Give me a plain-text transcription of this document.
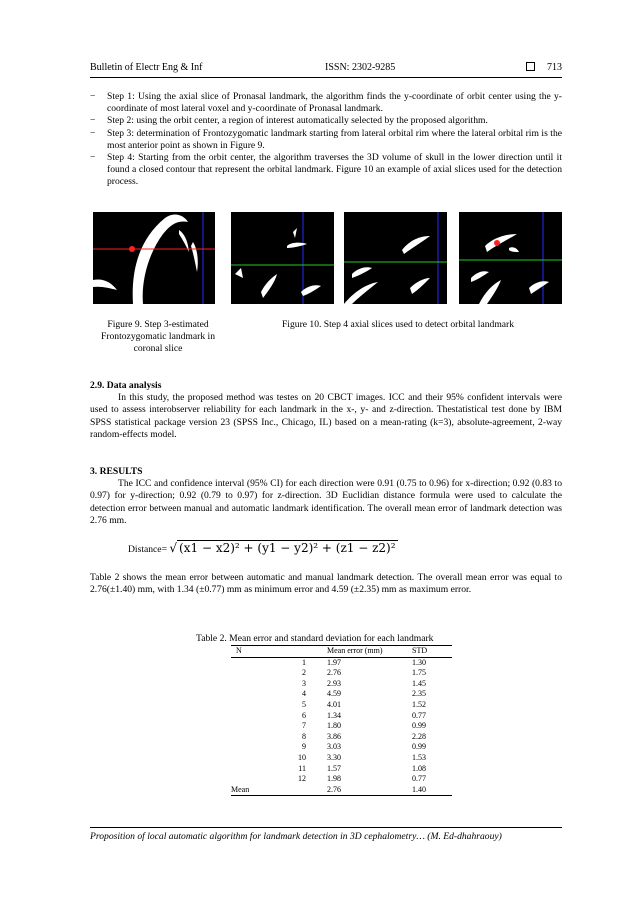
Bulletin of Electr Eng & Inf	ISSN: 2302-9285	713
− Step 1: Using the axial slice of Pronasal landmark, the algorithm finds the y-coordinate of orbit center using the y-coordinate of most lateral voxel and y-coordinate of Pronasal landmark.
− Step 2: using the orbit center, a region of interest automatically selected by the proposed algorithm.
− Step 3: determination of Frontozygomatic landmark starting from lateral orbital rim where the lateral orbital rim is the most anterior point as shown in Figure 9.
− Step 4: Starting from the orbit center, the algorithm traverses the 3D volume of skull in the lower direction until it found a closed contour that represent the orbital landmark. Figure 10 an example of axial slices used for the detection process.
Figure 9. Step 3-estimated Frontozygomatic landmark in coronal slice
Figure 10. Step 4 axial slices used to detect orbital landmark
2.9. Data analysis
In this study, the proposed method was testes on 20 CBCT images. ICC and their 95% confident intervals were used to assess interobserver reliability for each landmark in the x-, y- and z-direction. Thestatistical test done by IBM SPSS statistical package version 23 (SPSS Inc., Chicago, IL) based on a mean-rating (k=3), absolute-agreement, 2-way random-effects model.
3. RESULTS
The ICC and confidence interval (95% CI) for each direction were 0.91 (0.75 to 0.96) for x-direction; 0.92 (0.83 to 0.97) for y-direction; 0.92 (0.79 to 0.97) for z-direction. 3D Euclidian distance formula were used to calculate the detection error between manual and automatic landmark identification. The overall mean error of landmark detection was 2.76 mm.
Distance= √ (x1 − x2)² + (y1 − y2)² + (z1 − z2)²
Table 2 shows the mean error between automatic and manual landmark detection. The overall mean error was equal to 2.76(±1.40) mm, with 1.34 (±0.77) mm as minimum error and 4.59 (±2.35) mm as maximum error.
Table 2. Mean error and standard deviation for each landmark
N		Mean error (mm)	STD
	1	1.97	1.30
	2	2.76	1.75
	3	2.93	1.45
	4	4.59	2.35
	5	4.01	1.52
	6	1.34	0.77
	7	1.80	0.99
	8	3.86	2.28
	9	3.03	0.99
	10	3.30	1.53
	11	1.57	1.08
	12	1.98	0.77
Mean		2.76	1.40
Proposition of local automatic algorithm for landmark detection in 3D cephalometry… (M. Ed-dhahraouy)
